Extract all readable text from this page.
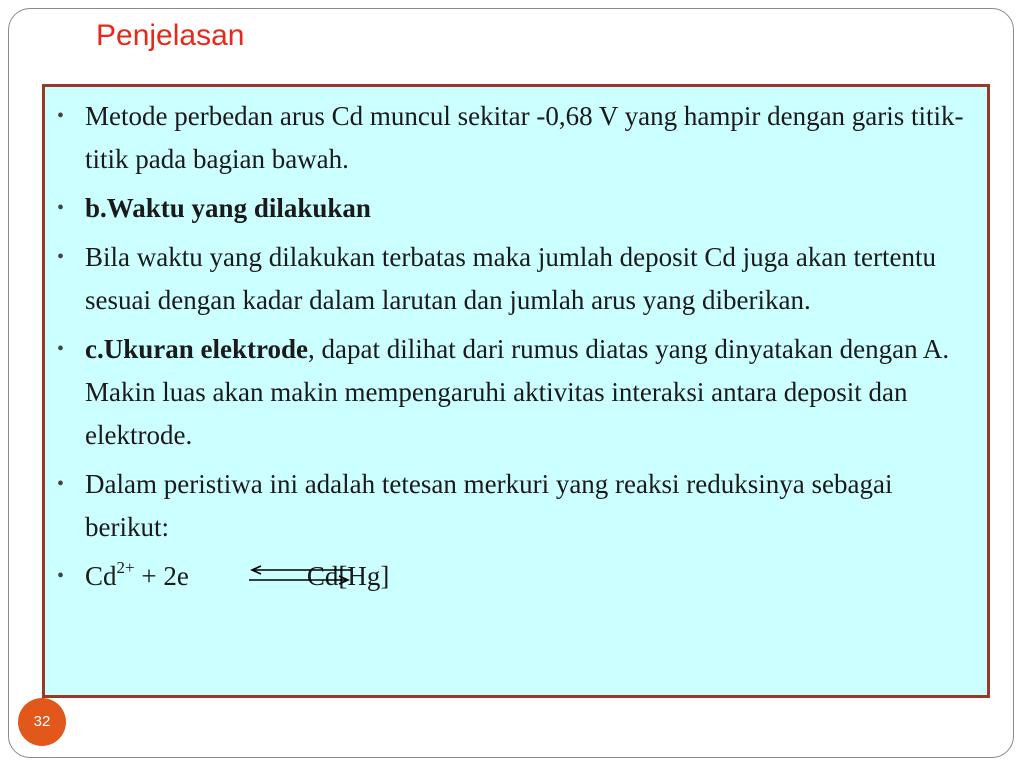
Penjelasan
• Metode perbedan arus Cd muncul sekitar -0,68 V yang hampir dengan garis titik-titik pada bagian bawah.
• b.Waktu yang dilakukan
• Bila waktu yang dilakukan terbatas maka jumlah deposit Cd juga akan tertentu sesuai dengan kadar dalam larutan dan jumlah arus yang diberikan.
• c.Ukuran elektrode, dapat dilihat dari rumus diatas yang dinyatakan dengan A. Makin luas akan makin mempengaruhi aktivitas interaksi antara deposit dan elektrode.
• Dalam peristiwa ini adalah tetesan merkuri yang reaksi reduksinya sebagai berikut:
• $Cd^{2+} + 2e$	Cd[Hg]
32
